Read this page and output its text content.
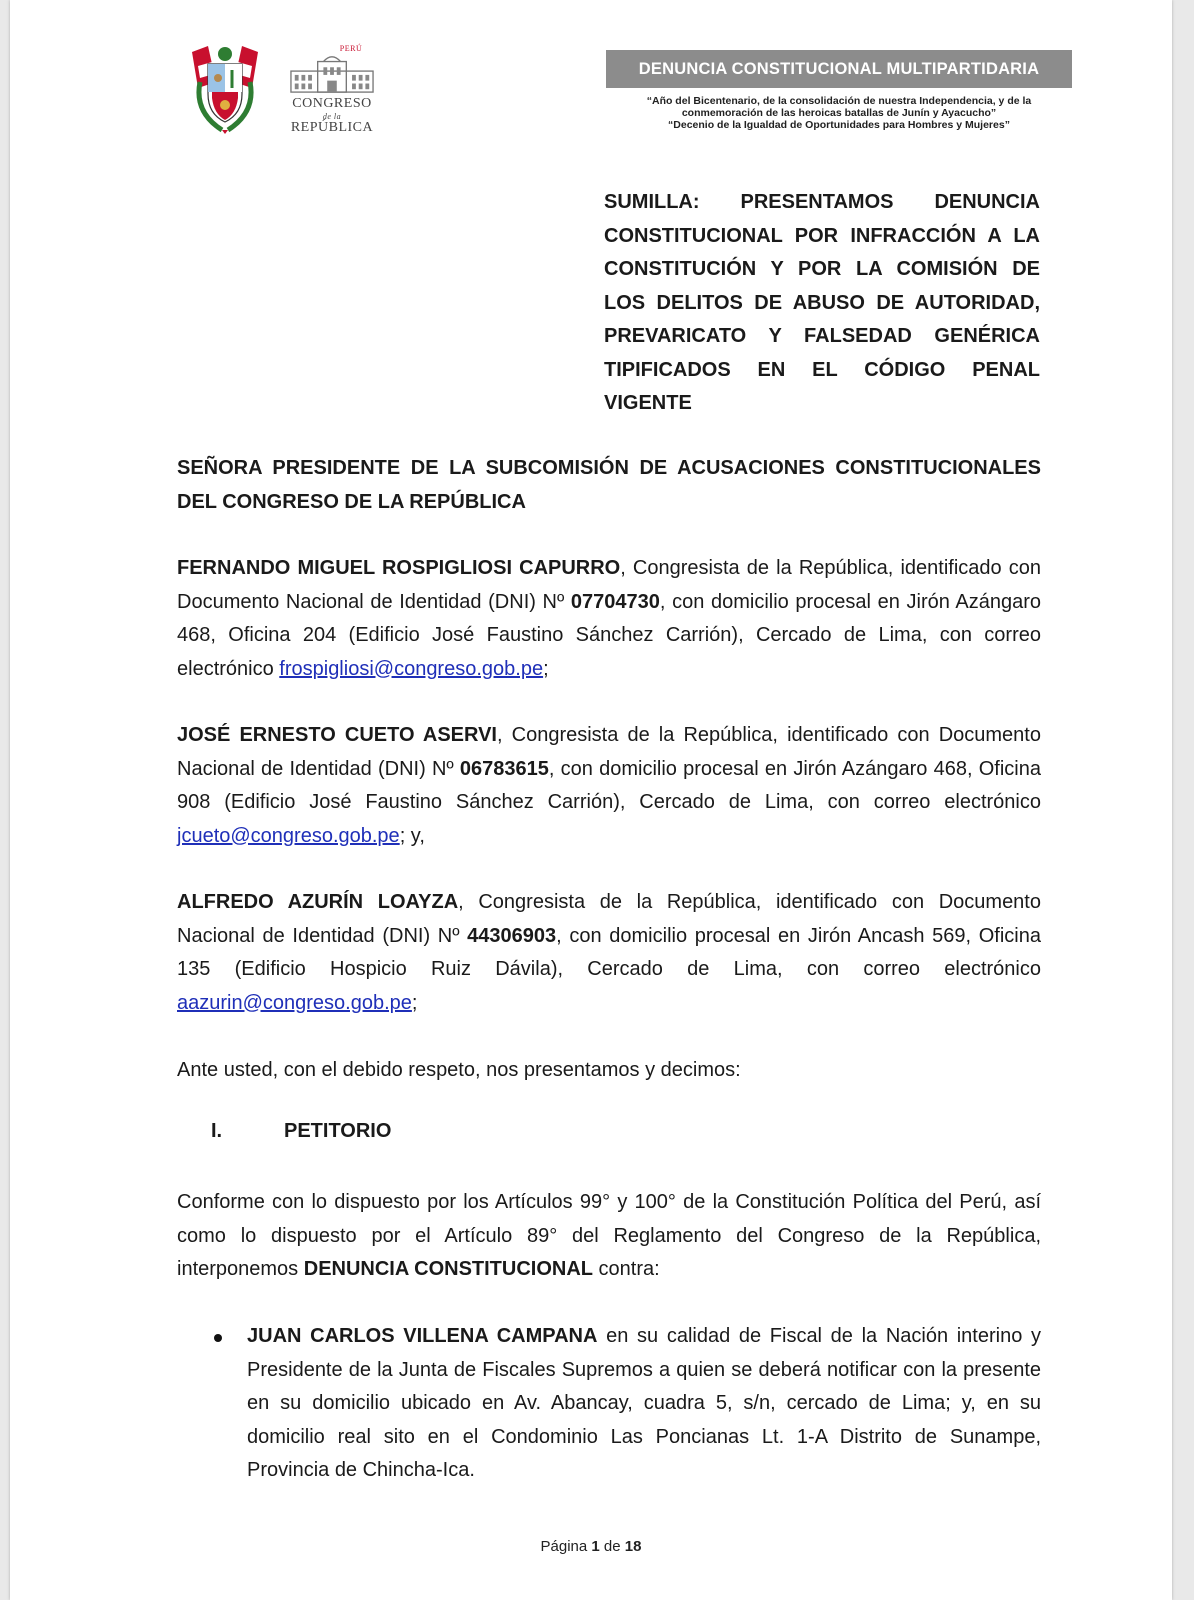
PERÚ
CONGRESO
de la
REPÚBLICA
DENUNCIA CONSTITUCIONAL MULTIPARTIDARIA
“Año del Bicentenario, de la consolidación de nuestra Independencia, y de la
conmemoración de las heroicas batallas de Junín y Ayacucho”
“Decenio de la Igualdad de Oportunidades para Hombres y Mujeres”
SUMILLA: PRESENTAMOS DENUNCIA CONSTITUCIONAL POR INFRACCIÓN A LA CONSTITUCIÓN Y POR LA COMISIÓN DE LOS DELITOS DE ABUSO DE AUTORIDAD, PREVARICATO Y FALSEDAD GENÉRICA TIPIFICADOS EN EL CÓDIGO PENAL VIGENTE
SEÑORA PRESIDENTE DE LA SUBCOMISIÓN DE ACUSACIONES CONSTITUCIONALES DEL CONGRESO DE LA REPÚBLICA
FERNANDO MIGUEL ROSPIGLIOSI CAPURRO, Congresista de la República, identificado con Documento Nacional de Identidad (DNI) Nº 07704730, con domicilio procesal en Jirón Azángaro 468, Oficina 204 (Edificio José Faustino Sánchez Carrión), Cercado de Lima, con correo electrónico frospigliosi@congreso.gob.pe;
JOSÉ ERNESTO CUETO ASERVI, Congresista de la República, identificado con Documento Nacional de Identidad (DNI) Nº 06783615, con domicilio procesal en Jirón Azángaro 468, Oficina 908 (Edificio José Faustino Sánchez Carrión), Cercado de Lima, con correo electrónico jcueto@congreso.gob.pe; y,
ALFREDO AZURÍN LOAYZA, Congresista de la República, identificado con Documento Nacional de Identidad (DNI) Nº 44306903, con domicilio procesal en Jirón Ancash 569, Oficina 135 (Edificio Hospicio Ruiz Dávila), Cercado de Lima, con correo electrónico aazurin@congreso.gob.pe;
Ante usted, con el debido respeto, nos presentamos y decimos:
I.	PETITORIO
Conforme con lo dispuesto por los Artículos 99° y 100° de la Constitución Política del Perú, así como lo dispuesto por el Artículo 89° del Reglamento del Congreso de la República, interponemos DENUNCIA CONSTITUCIONAL contra:
JUAN CARLOS VILLENA CAMPANA en su calidad de Fiscal de la Nación interino y Presidente de la Junta de Fiscales Supremos a quien se deberá notificar con la presente en su domicilio ubicado en Av. Abancay, cuadra 5, s/n, cercado de Lima; y, en su domicilio real sito en el Condominio Las Poncianas Lt. 1-A Distrito de Sunampe, Provincia de Chincha-Ica.
Página 1 de 18
